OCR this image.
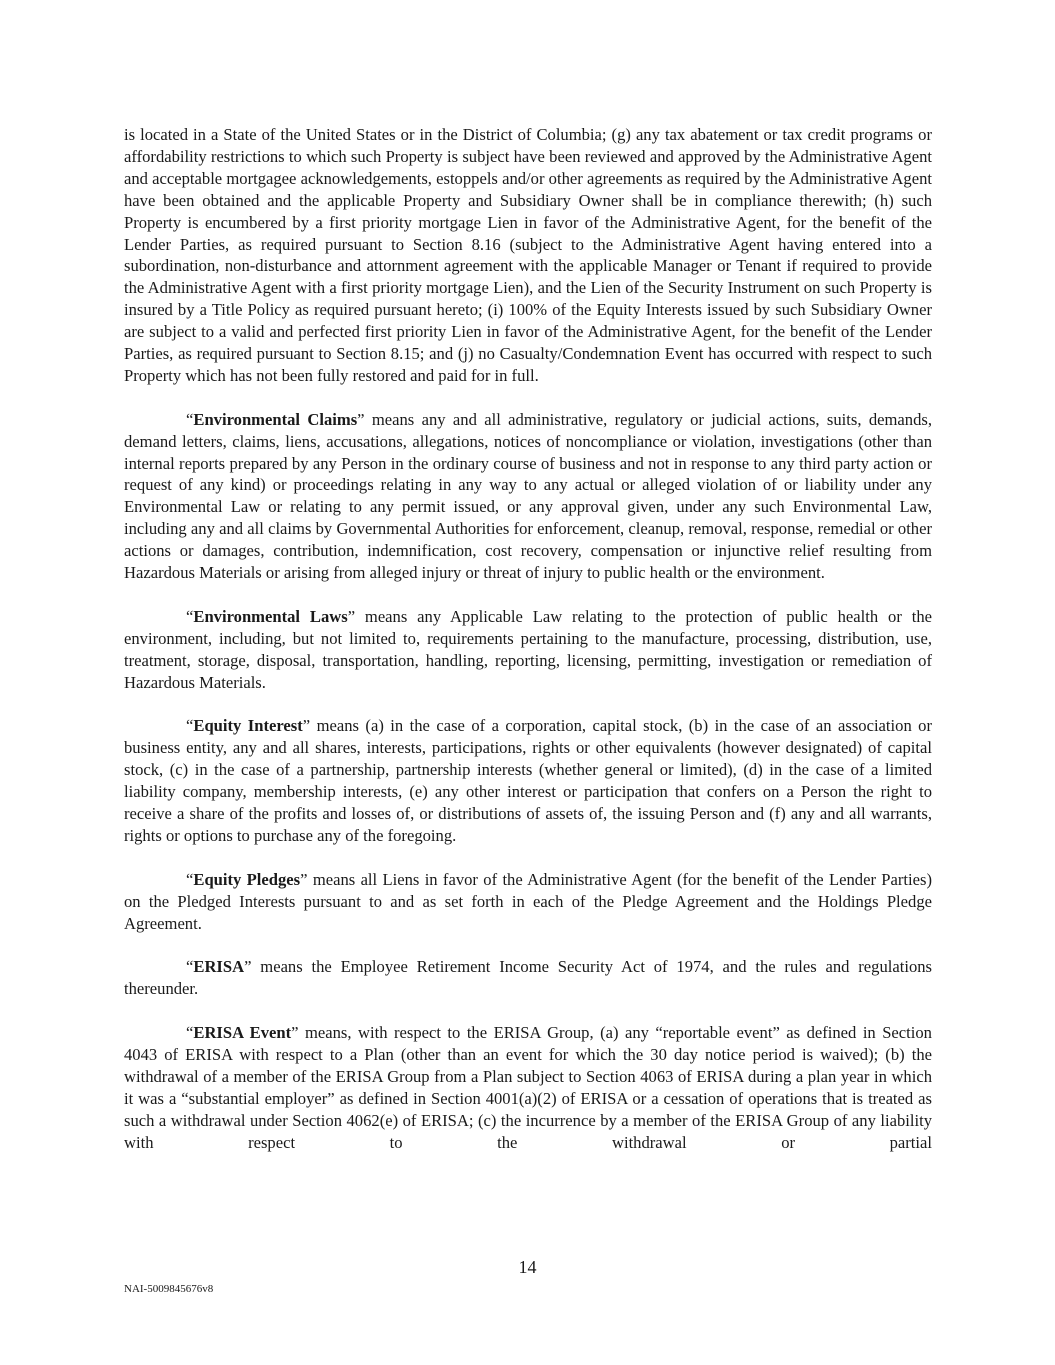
is located in a State of the United States or in the District of Columbia; (g) any tax abatement or tax credit programs or affordability restrictions to which such Property is subject have been reviewed and approved by the Administrative Agent and acceptable mortgagee acknowledgements, estoppels and/or other agreements as required by the Administrative Agent have been obtained and the applicable Property and Subsidiary Owner shall be in compliance therewith; (h) such Property is encumbered by a first priority mortgage Lien in favor of the Administrative Agent, for the benefit of the Lender Parties, as required pursuant to Section 8.16 (subject to the Administrative Agent having entered into a subordination, non-disturbance and attornment agreement with the applicable Manager or Tenant if required to provide the Administrative Agent with a first priority mortgage Lien), and the Lien of the Security Instrument on such Property is insured by a Title Policy as required pursuant hereto; (i) 100% of the Equity Interests issued by such Subsidiary Owner are subject to a valid and perfected first priority Lien in favor of the Administrative Agent, for the benefit of the Lender Parties, as required pursuant to Section 8.15; and (j) no Casualty/Condemnation Event has occurred with respect to such Property which has not been fully restored and paid for in full.

“Environmental Claims” means any and all administrative, regulatory or judicial actions, suits, demands, demand letters, claims, liens, accusations, allegations, notices of noncompliance or violation, investigations (other than internal reports prepared by any Person in the ordinary course of business and not in response to any third party action or request of any kind) or proceedings relating in any way to any actual or alleged violation of or liability under any Environmental Law or relating to any permit issued, or any approval given, under any such Environmental Law, including any and all claims by Governmental Authorities for enforcement, cleanup, removal, response, remedial or other actions or damages, contribution, indemnification, cost recovery, compensation or injunctive relief resulting from Hazardous Materials or arising from alleged injury or threat of injury to public health or the environment.

“Environmental Laws” means any Applicable Law relating to the protection of public health or the environment, including, but not limited to, requirements pertaining to the manufacture, processing, distribution, use, treatment, storage, disposal, transportation, handling, reporting, licensing, permitting, investigation or remediation of Hazardous Materials.

“Equity Interest” means (a) in the case of a corporation, capital stock, (b) in the case of an association or business entity, any and all shares, interests, participations, rights or other equivalents (however designated) of capital stock, (c) in the case of a partnership, partnership interests (whether general or limited), (d) in the case of a limited liability company, membership interests, (e) any other interest or participation that confers on a Person the right to receive a share of the profits and losses of, or distributions of assets of, the issuing Person and (f) any and all warrants, rights or options to purchase any of the foregoing.

“Equity Pledges” means all Liens in favor of the Administrative Agent (for the benefit of the Lender Parties) on the Pledged Interests pursuant to and as set forth in each of the Pledge Agreement and the Holdings Pledge Agreement.

“ERISA” means the Employee Retirement Income Security Act of 1974, and the rules and regulations thereunder.

“ERISA Event” means, with respect to the ERISA Group, (a) any “reportable event” as defined in Section 4043 of ERISA with respect to a Plan (other than an event for which the 30 day notice period is waived); (b) the withdrawal of a member of the ERISA Group from a Plan subject to Section 4063 of ERISA during a plan year in which it was a “substantial employer” as defined in Section 4001(a)(2) of ERISA or a cessation of operations that is treated as such a withdrawal under Section 4062(e) of ERISA; (c) the incurrence by a member of the ERISA Group of any liability with respect to the withdrawal or partial

14
NAI-5009845676v8
